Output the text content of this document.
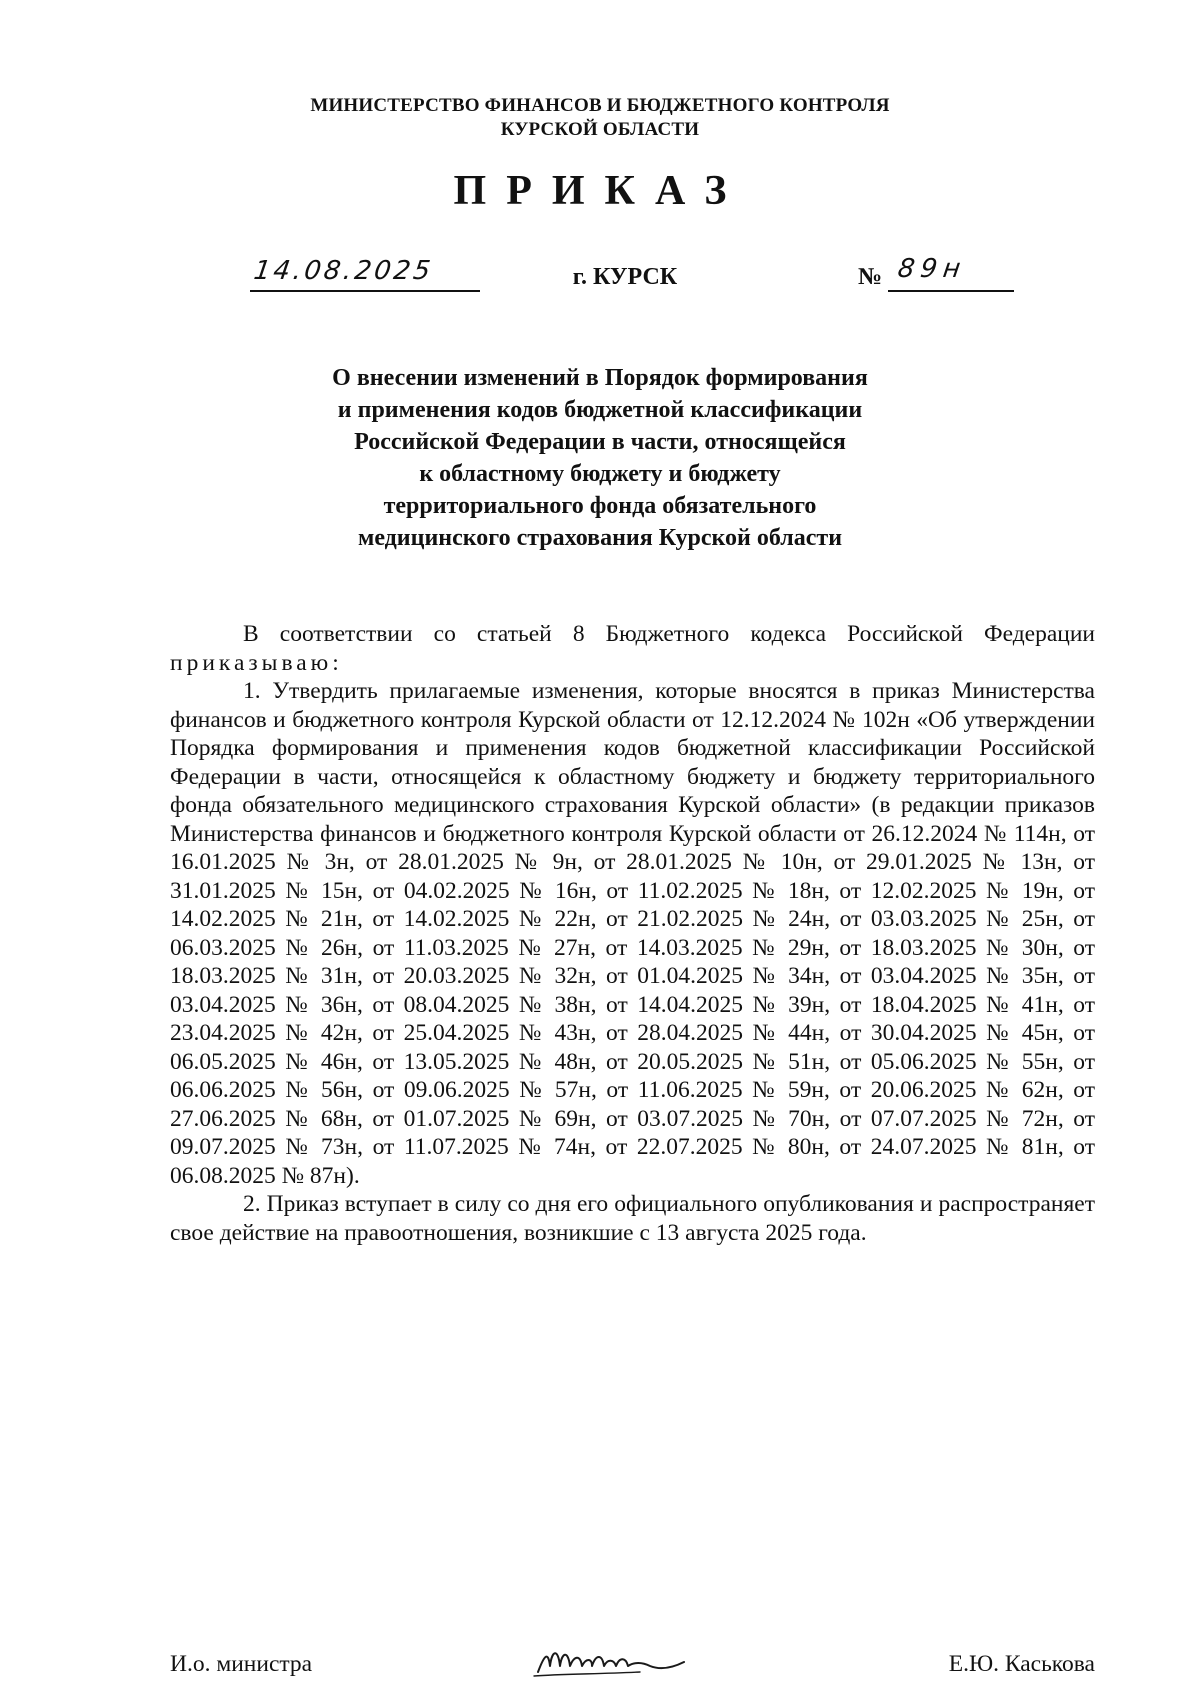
МИНИСТЕРСТВО ФИНАНСОВ И БЮДЖЕТНОГО КОНТРОЛЯ
КУРСКОЙ ОБЛАСТИ
ПРИКАЗ
14.08.2025	г. КУРСК	№ 89н
О внесении изменений в Порядок формирования
и применения кодов бюджетной классификации
Российской Федерации в части, относящейся
к областному бюджету и бюджету
территориального фонда обязательного
медицинского страхования Курской области

В соответствии со статьей 8 Бюджетного кодекса Российской Федерации приказываю:

1. Утвердить прилагаемые изменения, которые вносятся в приказ Министерства финансов и бюджетного контроля Курской области от 12.12.2024 № 102н «Об утверждении Порядка формирования и применения кодов бюджетной классификации Российской Федерации в части, относящейся к областному бюджету и бюджету территориального фонда обязательного медицинского страхования Курской области» (в редакции приказов Министерства финансов и бюджетного контроля Курской области от 26.12.2024 № 114н, от 16.01.2025 № 3н, от 28.01.2025 № 9н, от 28.01.2025 № 10н, от 29.01.2025 № 13н, от 31.01.2025 № 15н, от 04.02.2025 № 16н, от 11.02.2025 № 18н, от 12.02.2025 № 19н, от 14.02.2025 № 21н, от 14.02.2025 № 22н, от 21.02.2025 № 24н, от 03.03.2025 № 25н, от 06.03.2025 № 26н, от 11.03.2025 № 27н, от 14.03.2025 № 29н, от 18.03.2025 № 30н, от 18.03.2025 № 31н, от 20.03.2025 № 32н, от 01.04.2025 № 34н, от 03.04.2025 № 35н, от 03.04.2025 № 36н, от 08.04.2025 № 38н, от 14.04.2025 № 39н, от 18.04.2025 № 41н, от 23.04.2025 № 42н, от 25.04.2025 № 43н, от 28.04.2025 № 44н, от 30.04.2025 № 45н, от 06.05.2025 № 46н, от 13.05.2025 № 48н, от 20.05.2025 № 51н, от 05.06.2025 № 55н, от 06.06.2025 № 56н, от 09.06.2025 № 57н, от 11.06.2025 № 59н, от 20.06.2025 № 62н, от 27.06.2025 № 68н, от 01.07.2025 № 69н, от 03.07.2025 № 70н, от 07.07.2025 № 72н, от 09.07.2025 № 73н, от 11.07.2025 № 74н, от 22.07.2025 № 80н, от 24.07.2025 № 81н, от 06.08.2025 № 87н).

2. Приказ вступает в силу со дня его официального опубликования и распространяет свое действие на правоотношения, возникшие с 13 августа 2025 года.

И.о. министра	Е.Ю. Каськова
